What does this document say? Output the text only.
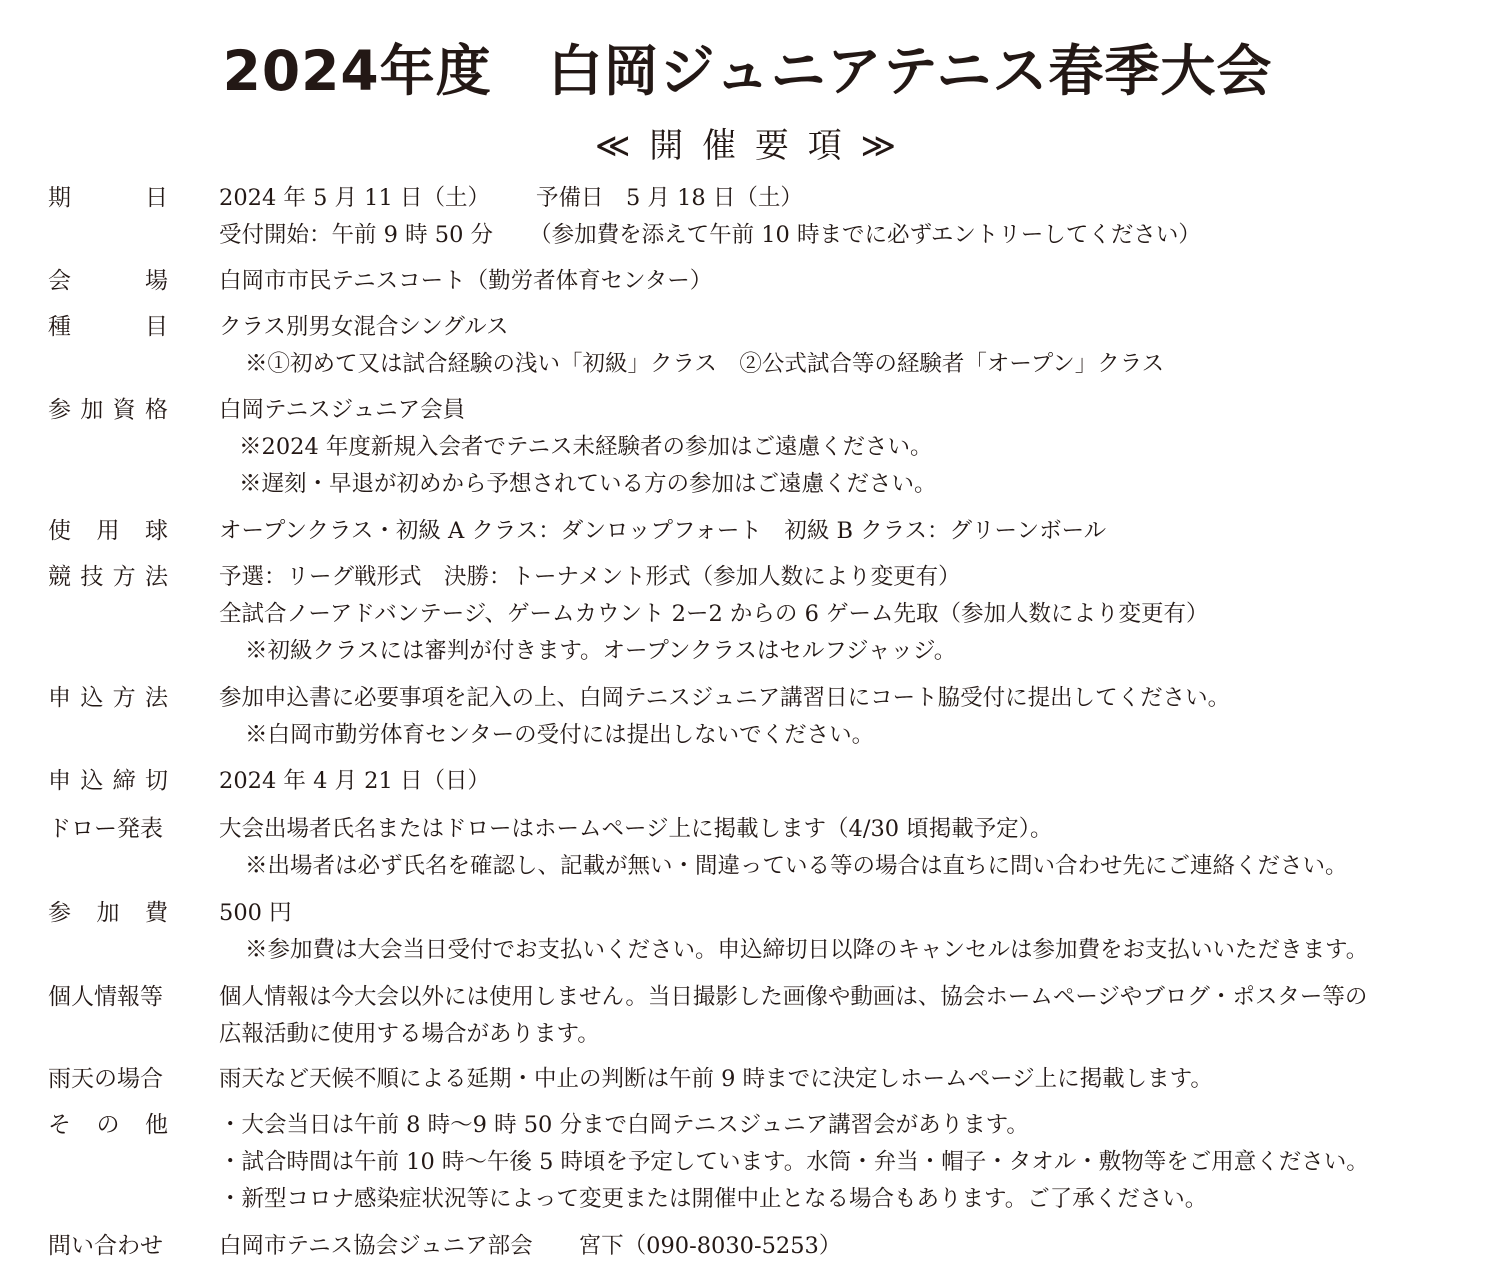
2024年度　白岡ジュニアテニス春季大会
≪ 開 催 要 項 ≫
期	日 2024 年 5 月 11 日（土） 予備日　5 月 18 日（土）
受付開始：午前 9 時 50 分 （参加費を添えて午前 10 時までに必ずエントリーしてください）
会	場 白岡市市民テニスコート（勤労者体育センター）
種	目 クラス別男女混合シングルス
※①初めて又は試合経験の浅い「初級」クラス　②公式試合等の経験者「オープン」クラス
参 加 資 格 白岡テニスジュニア会員
※2024 年度新規入会者でテニス未経験者の参加はご遠慮ください。
※遅刻・早退が初めから予想されている方の参加はご遠慮ください。
使 用 球 オープンクラス・初級 A クラス：ダンロップフォート　初級 B クラス：グリーンボール
競 技 方 法 予選：リーグ戦形式　決勝：トーナメント形式（参加人数により変更有）
全試合ノーアドバンテージ、ゲームカウント 2ー2 からの 6 ゲーム先取（参加人数により変更有）
※初級クラスには審判が付きます。オープンクラスはセルフジャッジ。
申 込 方 法 参加申込書に必要事項を記入の上、白岡テニスジュニア講習日にコート脇受付に提出してください。
※白岡市勤労体育センターの受付には提出しないでください。
申 込 締 切 2024 年 4 月 21 日（日）
ドロー発表 大会出場者氏名またはドローはホームページ上に掲載します（4/30 頃掲載予定）。
※出場者は必ず氏名を確認し、記載が無い・間違っている等の場合は直ちに問い合わせ先にご連絡ください。
参 加 費 500 円
※参加費は大会当日受付でお支払いください。申込締切日以降のキャンセルは参加費をお支払いいただきます。
個人情報等 個人情報は今大会以外には使用しません。当日撮影した画像や動画は、協会ホームページやブログ・ポスター等の
広報活動に使用する場合があります。
雨天の場合 雨天など天候不順による延期・中止の判断は午前 9 時までに決定しホームページ上に掲載します。
そ の 他 ・大会当日は午前 8 時〜9 時 50 分まで白岡テニスジュニア講習会があります。
・試合時間は午前 10 時〜午後 5 時頃を予定しています。水筒・弁当・帽子・タオル・敷物等をご用意ください。
・新型コロナ感染症状況等によって変更または開催中止となる場合もあります。ご了承ください。
問い合わせ 白岡市テニス協会ジュニア部会 宮下（090-8030-5253）
